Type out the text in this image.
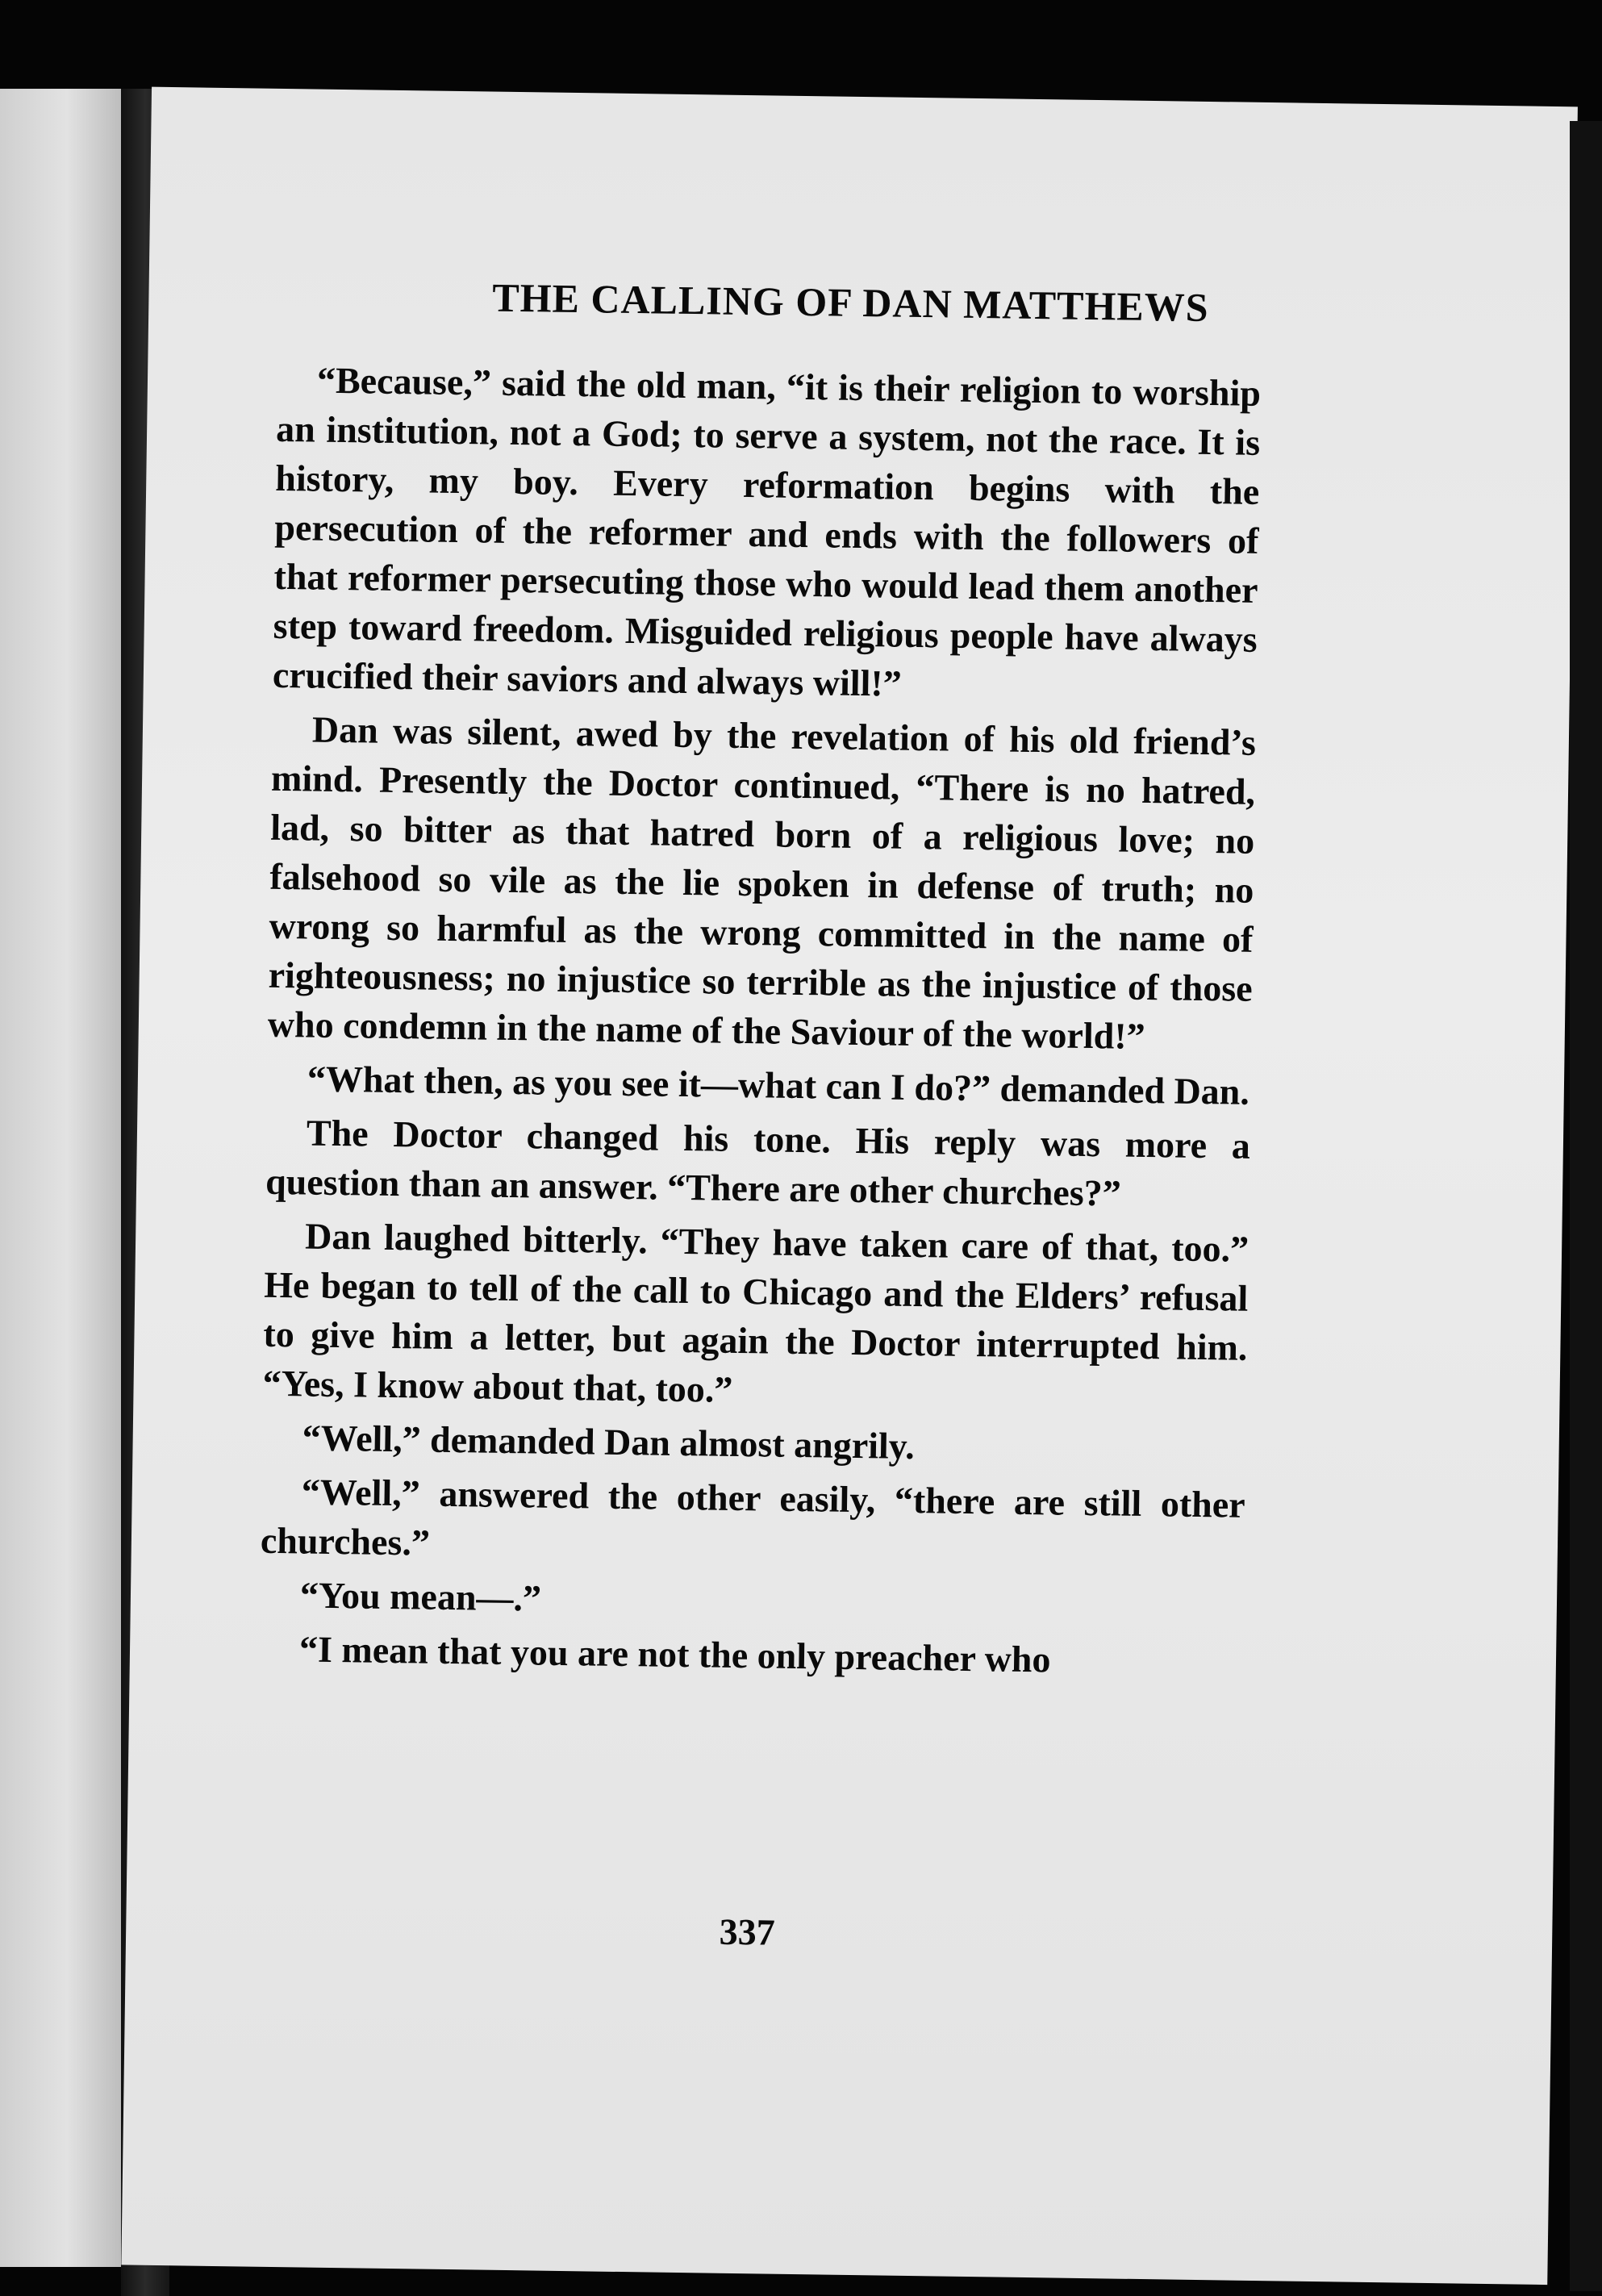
THE CALLING OF DAN MATTHEWS

“Because,” said the old man, “it is their religion to worship an institution, not a God; to serve a system, not the race. It is history, my boy. Every reformation begins with the persecution of the reformer and ends with the followers of that reformer persecuting those who would lead them another step toward freedom. Misguided religious people have always crucified their saviors and always will!”

Dan was silent, awed by the revelation of his old friend’s mind. Presently the Doctor continued, “There is no hatred, lad, so bitter as that hatred born of a religious love; no falsehood so vile as the lie spoken in defense of truth; no wrong so harmful as the wrong committed in the name of righteousness; no injustice so terrible as the injustice of those who condemn in the name of the Saviour of the world!”

“What then, as you see it—what can I do?” demanded Dan.

The Doctor changed his tone. His reply was more a question than an answer. “There are other churches?”

Dan laughed bitterly. “They have taken care of that, too.” He began to tell of the call to Chicago and the Elders’ refusal to give him a letter, but again the Doctor interrupted him. “Yes, I know about that, too.”

“Well,” demanded Dan almost angrily.

“Well,” answered the other easily, “there are still other churches.”

“You mean—.”

“I mean that you are not the only preacher who

337
